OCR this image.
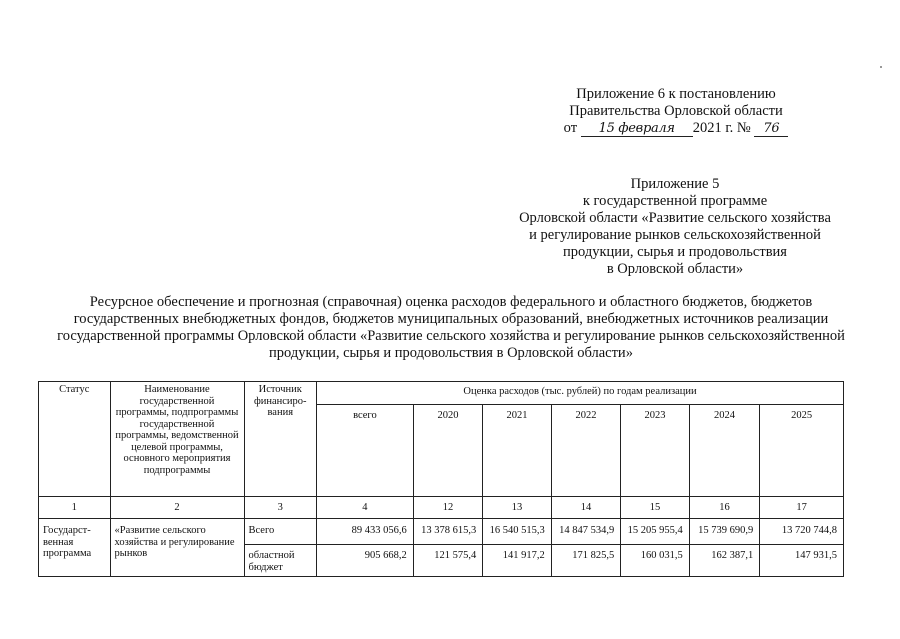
Приложение 6 к постановлению
Правительства Орловской области
от 15 февраля 2021 г. № 76
Приложение 5
к государственной программе
Орловской области «Развитие сельского хозяйства
и регулирование рынков сельскохозяйственной
продукции, сырья и продовольствия
в Орловской области»
Ресурсное обеспечение и прогнозная (справочная) оценка расходов федерального и областного бюджетов, бюджетов
государственных внебюджетных фондов, бюджетов муниципальных образований, внебюджетных источников реализации
государственной программы Орловской области «Развитие сельского хозяйства и регулирование рынков сельскохозяйственной
продукции, сырья и продовольствия в Орловской области»
Статус	Наименование государственной программы, подпрограммы государственной программы, ведомственной целевой программы, основного мероприятия подпрограммы	Источник финансиро-вания	Оценка расходов (тыс. рублей) по годам реализации						
			всего	2020	2021	2022	2023	2024	2025
1	2	3	4	12	13	14	15	16	17
Государст-венная программа	«Развитие сельского хозяйства и регулирование рынков	Всего	89 433 056,6	13 378 615,3	16 540 515,3	14 847 534,9	15 205 955,4	15 739 690,9	13 720 744,8
		областной бюджет	905 668,2	121 575,4	141 917,2	171 825,5	160 031,5	162 387,1	147 931,5
